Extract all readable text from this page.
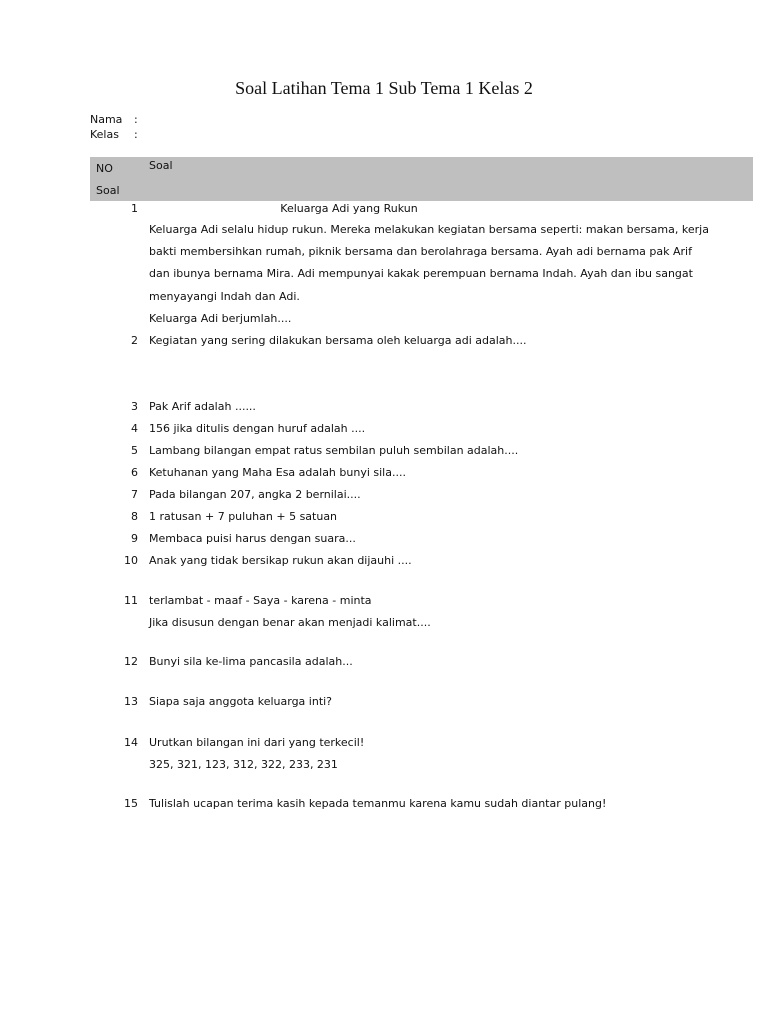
Soal Latihan Tema 1 Sub Tema 1 Kelas 2
Nama :
Kelas :
NO Soal
Soal
1	Keluarga Adi yang Rukun
Keluarga Adi selalu hidup rukun. Mereka melakukan kegiatan bersama seperti: makan bersama, kerja
bakti membersihkan rumah, piknik bersama dan berolahraga bersama. Ayah adi bernama pak Arif
dan ibunya bernama Mira. Adi mempunyai kakak perempuan bernama Indah. Ayah dan ibu sangat
menyayangi Indah dan Adi.
Keluarga Adi berjumlah....
2 Kegiatan yang sering dilakukan bersama oleh keluarga adi adalah....
3 Pak Arif adalah ......
4 156 jika ditulis dengan huruf adalah ....
5 Lambang bilangan empat ratus sembilan puluh sembilan adalah....
6 Ketuhanan yang Maha Esa adalah bunyi sila....
7 Pada bilangan 207, angka 2 bernilai....
8 1 ratusan + 7 puluhan + 5 satuan
9 Membaca puisi harus dengan suara...
10 Anak yang tidak bersikap rukun akan dijauhi ....
11 terlambat - maaf - Saya - karena - minta
Jika disusun dengan benar akan menjadi kalimat....
12 Bunyi sila ke-lima pancasila adalah...
13 Siapa saja anggota keluarga inti?
14 Urutkan bilangan ini dari yang terkecil!
325, 321, 123, 312, 322, 233, 231
15 Tulislah ucapan terima kasih kepada temanmu karena kamu sudah diantar pulang!
